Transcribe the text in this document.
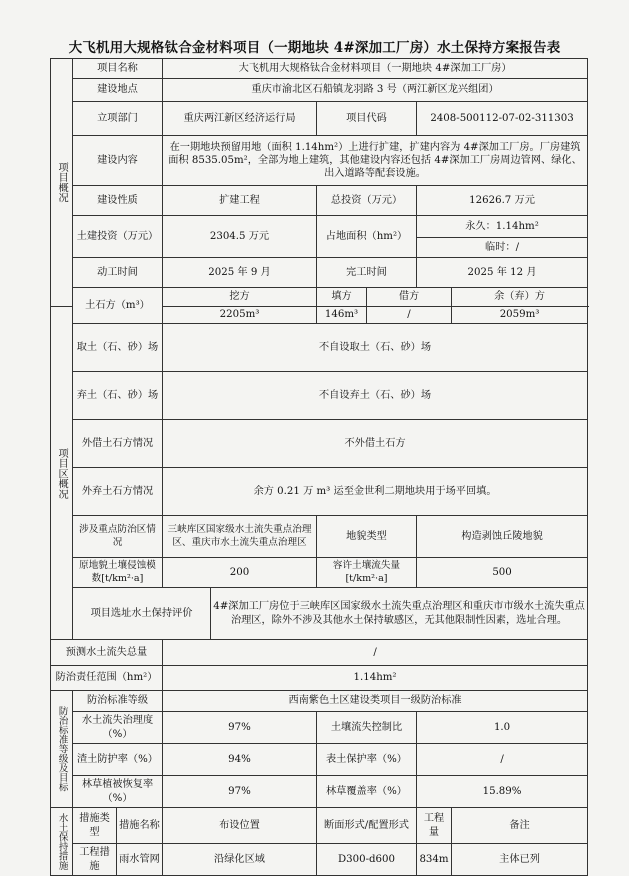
大飞机用大规格钛合金材料项目（一期地块 4#深加工厂房）水土保持方案报告表
项目概况	项目名称		大飞机用大规格钛合金材料项目（一期地块 4#深加工厂房）					
	建设地点		重庆市渝北区石船镇龙羽路 3 号（两江新区龙兴组团）					
	立项部门		重庆两江新区经济运行局		项目代码		2408-500112-07-02-311303	
	建设内容		在一期地块预留用地（面积 1.14hm²）上进行扩建，扩建内容为 4#深加工厂房。厂房建筑面积 8535.05m²，全部为地上建筑，其他建设内容还包括 4#深加工厂房周边管网、绿化、出入道路等配套设施。					
	建设性质		扩建工程		总投资（万元）		12626.7 万元	
	土建投资（万元）		2304.5 万元		占地面积（hm²）		永久：1.14hm²	
							临时：/	
	动工时间		2025 年 9 月		完工时间		2025 年 12 月	
	土石方（m³）		挖方		填方	借方		余（弃）方
项目区概况			2205m³		146m³	/		2059m³
	取土（石、砂）场		不自设取土（石、砂）场					
	弃土（石、砂）场		不自设弃土（石、砂）场					
	外借土石方情况		不外借土石方					
	外弃土石方情况		余方 0.21 万 m³ 运至金世利二期地块用于场平回填。					
	涉及重点防治区情况		三峡库区国家级水土流失重点治理区、重庆市水土流失重点治理区		地貌类型		构造剥蚀丘陵地貌	
	原地貌土壤侵蚀模数[t/km²·a]		200		容许土壤流失量[t/km²·a]		500	
	项目选址水土保持评价			4#深加工厂房位于三峡库区国家级水土流失重点治理区和重庆市市级水土流失重点治理区，除外不涉及其他水土保持敏感区，无其他限制性因素，选址合理。				
预测水土流失总量			/					
防治责任范围（hm²）			1.14hm²					
防治标准等级及目标	防治标准等级		西南紫色土区建设类项目一级防治标准					
	水土流失治理度（%）		97%		土壤流失控制比		1.0	
	渣土防护率（%）		94%		表土保护率（%）		/	
	林草植被恢复率（%）		97%		林草覆盖率（%）		15.89%	
水土保持措施	措施类型	措施名称	布设位置		断面形式/配置形式		工程量	备注
	工程措施	雨水管网	沿绿化区域		D300-d600		834m	主体已列
